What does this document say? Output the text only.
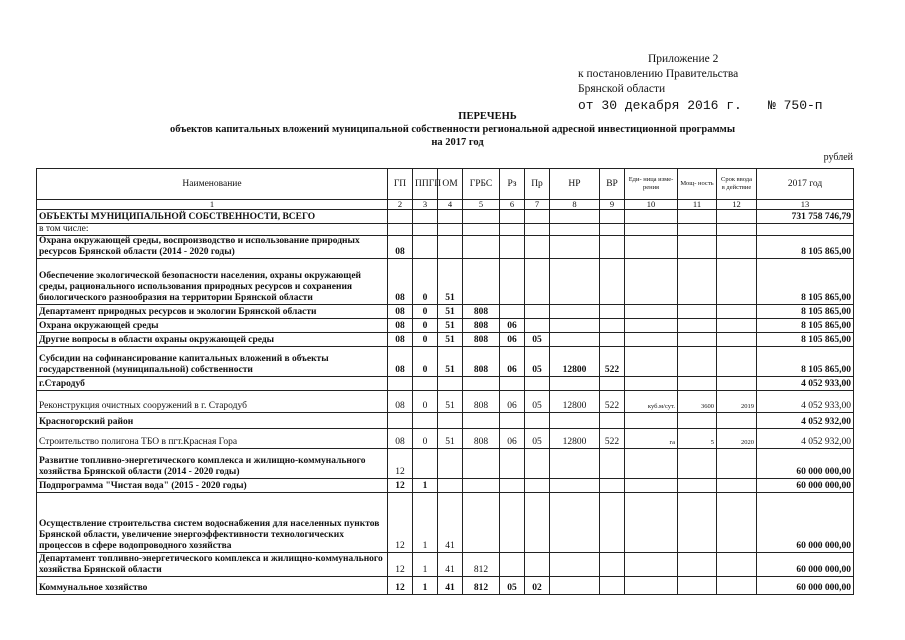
Приложение 2
к постановлению Правительства
Брянской области
от 30 декабря 2016 г. № 750-п
ПЕРЕЧЕНЬ
объектов капитальных вложений муниципальной собственности региональной адресной инвестиционной программы
на 2017 год
рублей
Наименование	ГП	ППГП	ОМ	ГРБС	Рз	Пр	НР	ВР	Еди- ница изме- рения	Мощ- ность	Срок ввода в действие	2017 год
1	2	3	4	5	6	7	8	9	10	11	12	13
ОБЪЕКТЫ МУНИЦИПАЛЬНОЙ СОБСТВЕННОСТИ, ВСЕГО												731 758 746,79
в том числе:												
Охрана окружающей среды, воспроизводство и использование природных ресурсов Брянской области (2014 - 2020 годы)	08											8 105 865,00
Обеспечение экологической безопасности населения, охраны окружающей среды, рационального использования природных ресурсов и сохранения биологического разнообразия на территории Брянской области	08	0	51									8 105 865,00
Департамент природных ресурсов и экологии Брянской области	08	0	51	808								8 105 865,00
Охрана окружающей среды	08	0	51	808	06							8 105 865,00
Другие вопросы в области охраны окружающей среды	08	0	51	808	06	05						8 105 865,00
Субсидии на софинансирование капитальных вложений в объекты государственной (муниципальной) собственности	08	0	51	808	06	05	12800	522				8 105 865,00
г.Стародуб												4 052 933,00
Реконструкция очистных сооружений в г. Стародуб	08	0	51	808	06	05	12800	522	куб.м/сут.	3600	2019	4 052 933,00
Красногорский район												4 052 932,00
Строительство полигона ТБО в пгт.Красная Гора	08	0	51	808	06	05	12800	522	га	5	2020	4 052 932,00
Развитие топливно-энергетического комплекса и жилищно-коммунального хозяйства Брянской области (2014 - 2020 годы)	12											60 000 000,00
Подпрограмма "Чистая вода" (2015 - 2020 годы)	12	1										60 000 000,00
Осуществление строительства систем водоснабжения для населенных пунктов Брянской области, увеличение энергоэффективности технологических процессов в сфере водопроводного хозяйства	12	1	41									60 000 000,00
Департамент топливно-энергетического комплекса и жилищно-коммунального хозяйства Брянской области	12	1	41	812								60 000 000,00
Коммунальное хозяйство	12	1	41	812	05	02						60 000 000,00
